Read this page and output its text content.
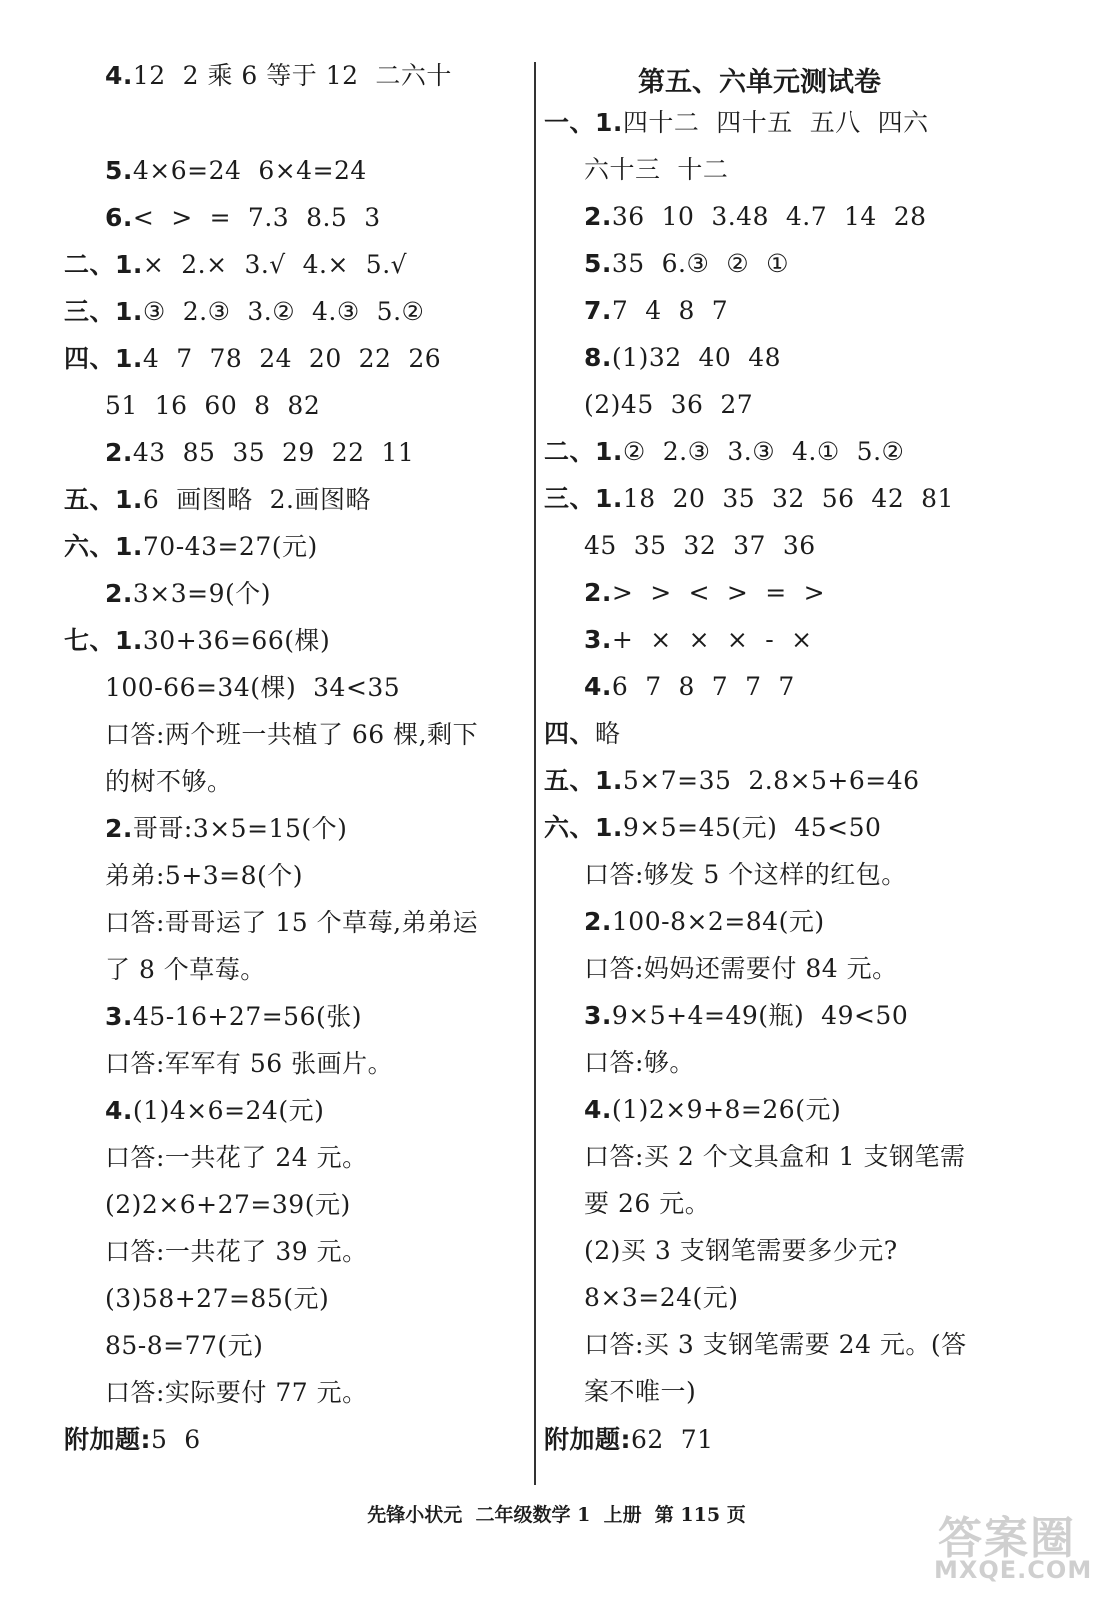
4.12  2 乘 6 等于 12  二六十
5.4×6=24  6×4=24
6.<  >  =  7.3  8.5  3
二、1.×  2.×  3.√  4.×  5.√
三、1.③  2.③  3.②  4.③  5.②
四、1.4  7  78  24  20  22  26
51  16  60  8  82
2.43  85  35  29  22  11
五、1.6  画图略  2.画图略
六、1.70-43=27(元)
2.3×3=9(个)
七、1.30+36=66(棵)
100-66=34(棵)  34<35
口答:两个班一共植了 66 棵,剩下
的树不够。
2.哥哥:3×5=15(个)
弟弟:5+3=8(个)
口答:哥哥运了 15 个草莓,弟弟运
了 8 个草莓。
3.45-16+27=56(张)
口答:军军有 56 张画片。
4.(1)4×6=24(元)
口答:一共花了 24 元。
(2)2×6+27=39(元)
口答:一共花了 39 元。
(3)58+27=85(元)
85-8=77(元)
口答:实际要付 77 元。
附加题:5  6
第五、六单元测试卷
一、1.四十二  四十五  五八  四六
六十三  十二
2.36  10  3.48  4.7  14  28
5.35  6.③  ②  ①
7.7  4  8  7
8.(1)32  40  48
(2)45  36  27
二、1.②  2.③  3.③  4.①  5.②
三、1.18  20  35  32  56  42  81
45  35  32  37  36
2.>  >  <  >  =  >
3.+  ×  ×  ×  -  ×
4.6  7  8  7  7  7
四、略
五、1.5×7=35  2.8×5+6=46
六、1.9×5=45(元)  45<50
口答:够发 5 个这样的红包。
2.100-8×2=84(元)
口答:妈妈还需要付 84 元。
3.9×5+4=49(瓶)  49<50
口答:够。
4.(1)2×9+8=26(元)
口答:买 2 个文具盒和 1 支钢笔需
要 26 元。
(2)买 3 支钢笔需要多少元?
8×3=24(元)
口答:买 3 支钢笔需要 24 元。(答
案不唯一)
附加题:62  71
先锋小状元  二年级数学 1  上册  第 115 页	答案圈
MXQE.COM
